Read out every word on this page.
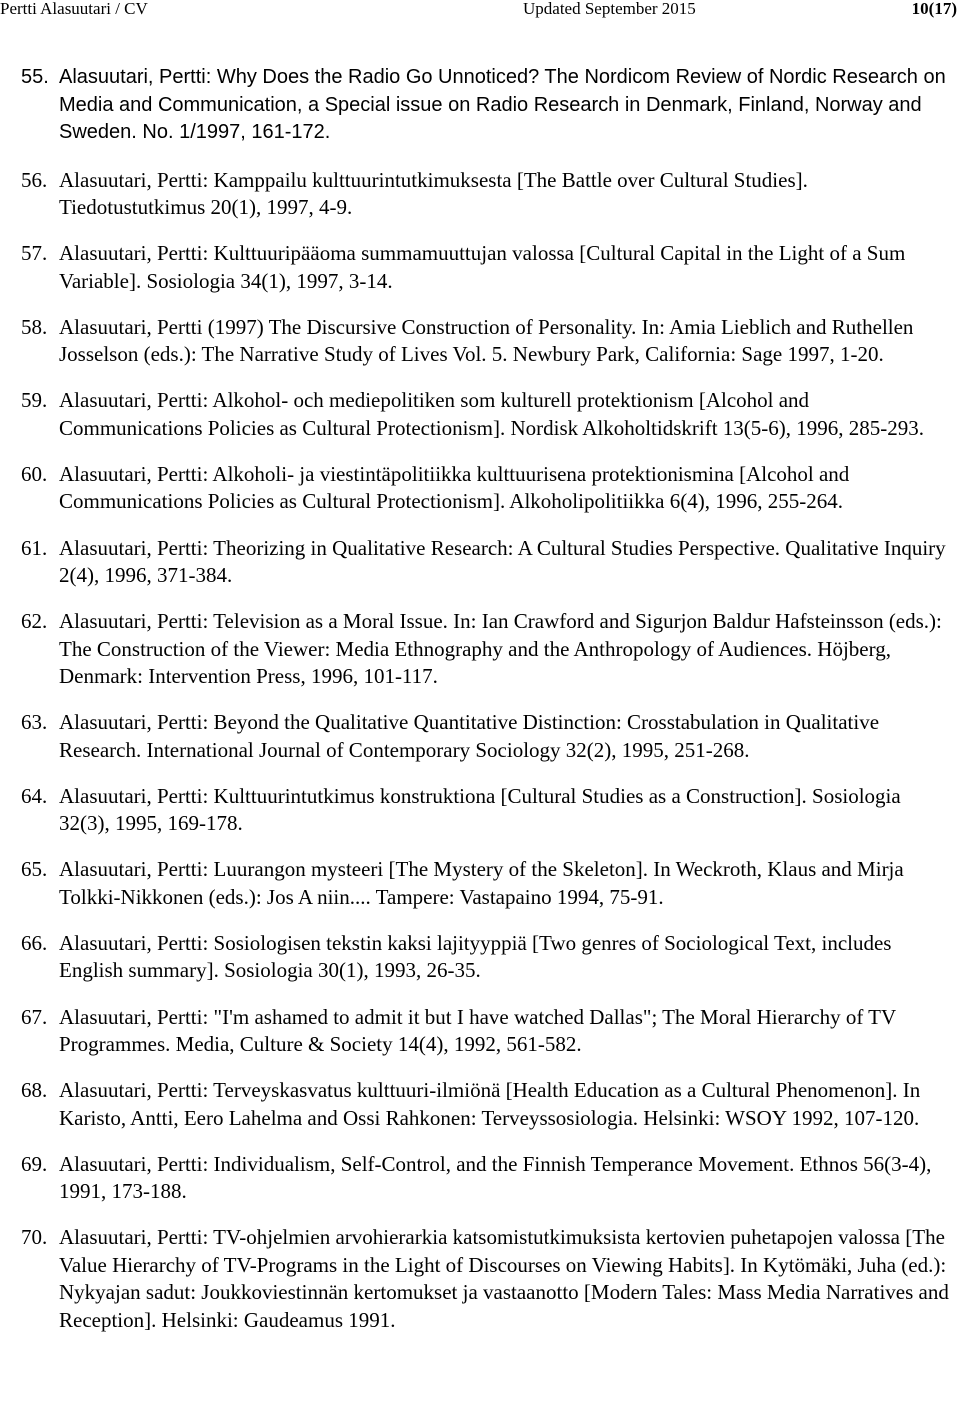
Pertti Alasuutari / CV	Updated September 2015	10(17)
55. Alasuutari, Pertti: Why Does the Radio Go Unnoticed? The Nordicom Review of Nordic Research on Media and Communication, a Special issue on Radio Research in Denmark, Finland, Norway and Sweden. No. 1/1997, 161-172.
56. Alasuutari, Pertti: Kamppailu kulttuurintutkimuksesta [The Battle over Cultural Studies]. Tiedotustutkimus 20(1), 1997, 4-9.
57. Alasuutari, Pertti: Kulttuuripääoma summamuuttujan valossa [Cultural Capital in the Light of a Sum Variable]. Sosiologia 34(1), 1997, 3-14.
58. Alasuutari, Pertti (1997) The Discursive Construction of Personality. In: Amia Lieblich and Ruthellen Josselson (eds.): The Narrative Study of Lives Vol. 5. Newbury Park, California: Sage 1997, 1-20.
59. Alasuutari, Pertti: Alkohol- och mediepolitiken som kulturell protektionism [Alcohol and Communications Policies as Cultural Protectionism]. Nordisk Alkoholtidskrift 13(5-6), 1996, 285-293.
60. Alasuutari, Pertti: Alkoholi- ja viestintäpolitiikka kulttuurisena protektionismina [Alcohol and Communications Policies as Cultural Protectionism]. Alkoholipolitiikka 6(4), 1996, 255-264.
61. Alasuutari, Pertti: Theorizing in Qualitative Research: A Cultural Studies Perspective. Qualitative Inquiry 2(4), 1996, 371-384.
62. Alasuutari, Pertti: Television as a Moral Issue. In: Ian Crawford and Sigurjon Baldur Hafsteinsson (eds.): The Construction of the Viewer: Media Ethnography and the Anthropology of Audiences. Höjberg, Denmark: Intervention Press, 1996, 101-117.
63. Alasuutari, Pertti: Beyond the Qualitative Quantitative Distinction: Crosstabulation in Qualitative Research. International Journal of Contemporary Sociology 32(2), 1995, 251-268.
64. Alasuutari, Pertti: Kulttuurintutkimus konstruktiona [Cultural Studies as a Construction]. Sosiologia 32(3), 1995, 169-178.
65. Alasuutari, Pertti: Luurangon mysteeri [The Mystery of the Skeleton]. In Weckroth, Klaus and Mirja Tolkki-Nikkonen (eds.): Jos A niin.... Tampere: Vastapaino 1994, 75-91.
66. Alasuutari, Pertti: Sosiologisen tekstin kaksi lajityyppiä [Two genres of Sociological Text, includes English summary]. Sosiologia 30(1), 1993, 26-35.
67. Alasuutari, Pertti: "I'm ashamed to admit it but I have watched Dallas"; The Moral Hierarchy of TV Programmes. Media, Culture & Society 14(4), 1992, 561-582.
68. Alasuutari, Pertti: Terveyskasvatus kulttuuri-ilmiönä [Health Education as a Cultural Phenomenon]. In Karisto, Antti, Eero Lahelma and Ossi Rahkonen: Terveyssosiologia. Helsinki: WSOY 1992, 107-120.
69. Alasuutari, Pertti: Individualism, Self-Control, and the Finnish Temperance Movement. Ethnos 56(3-4), 1991, 173-188.
70. Alasuutari, Pertti: TV-ohjelmien arvohierarkia katsomistutkimuksista kertovien puhetapojen valossa [The Value Hierarchy of TV-Programs in the Light of Discourses on Viewing Habits]. In Kytömäki, Juha (ed.): Nykyajan sadut: Joukkoviestinnän kertomukset ja vastaanotto [Modern Tales: Mass Media Narratives and Reception]. Helsinki: Gaudeamus 1991.
